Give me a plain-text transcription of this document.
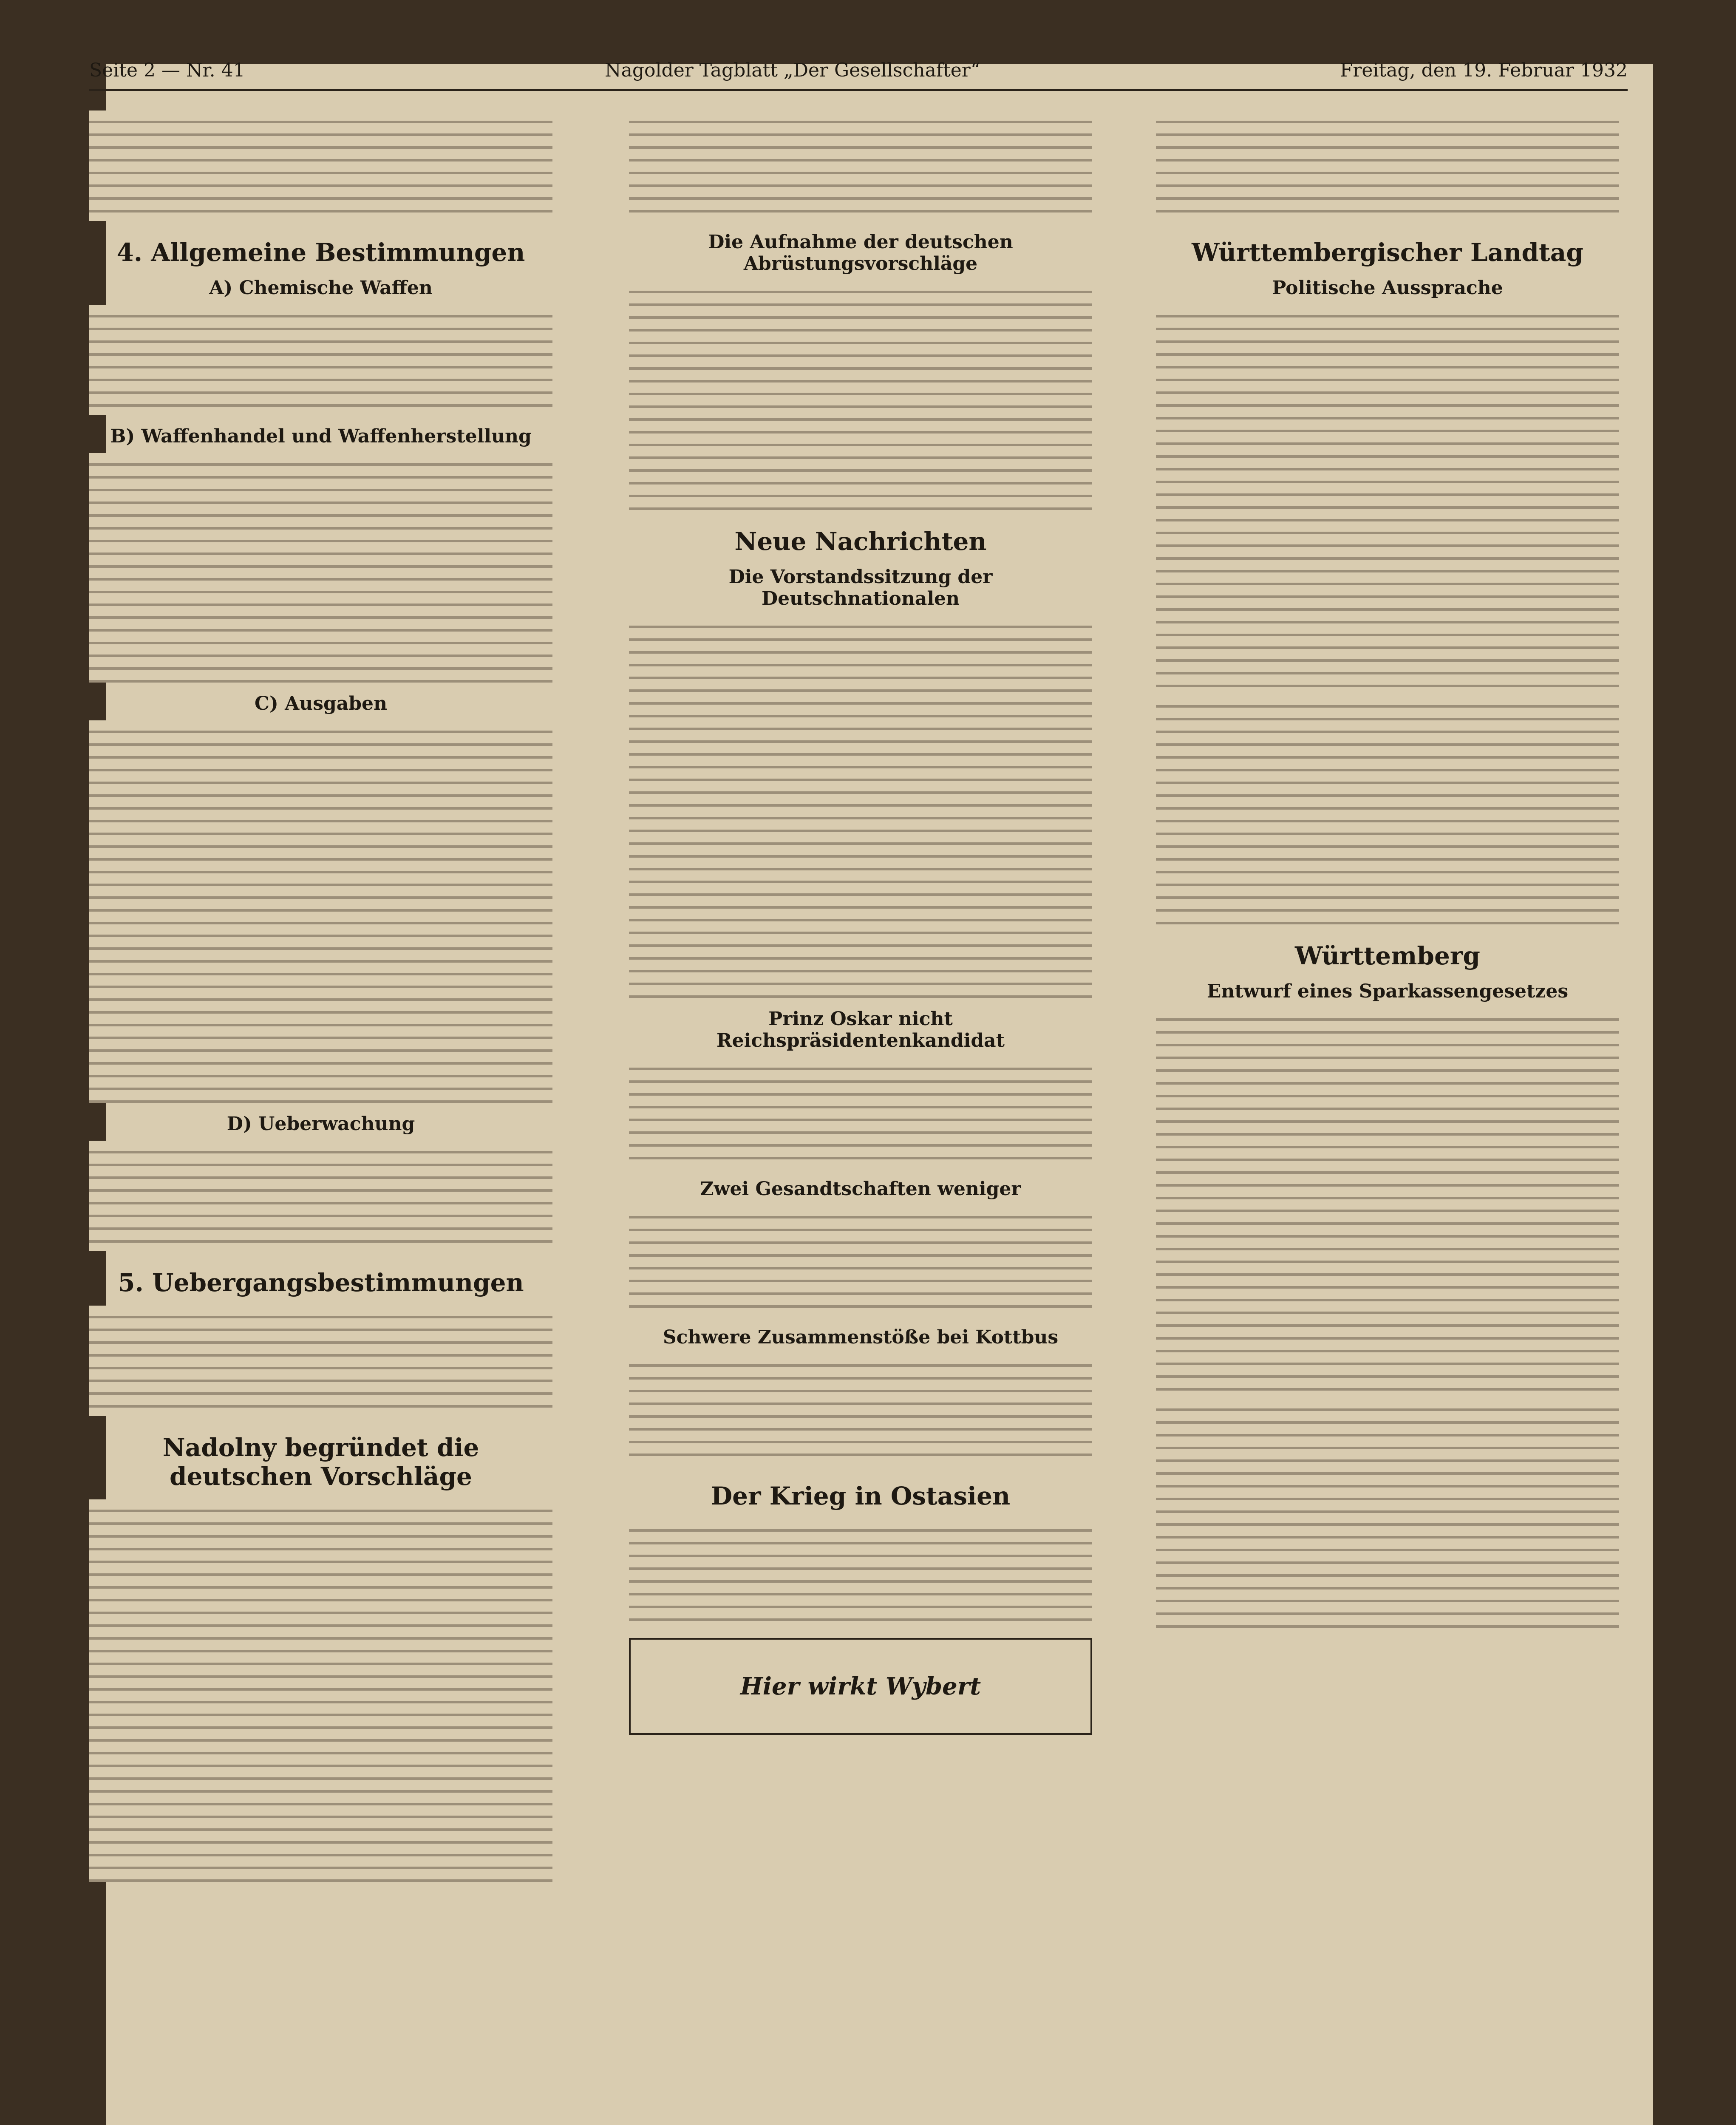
Seite 2 — Nr. 41	Nagolder Tagblatt „Der Gesellschafter“	Freitag, den 19. Februar 1932
4. Allgemeine Bestimmungen
A) Chemische Waffen
B) Waffenhandel und Waffenherstellung
C) Ausgaben
D) Ueberwachung
5. Uebergangsbestimmungen
Nadolny begründet die deutschen Vorschläge
Die Aufnahme der deutschen Abrüstungsvorschläge
Neue Nachrichten
Die Vorstandssitzung der Deutschnationalen
Prinz Oskar nicht Reichspräsidentenkandidat
Zwei Gesandtschaften weniger
Schwere Zusammenstöße bei Kottbus
Der Krieg in Ostasien
Hier wirkt Wybert
Württembergischer Landtag
Politische Aussprache
Württemberg
Entwurf eines Sparkassengesetzes
